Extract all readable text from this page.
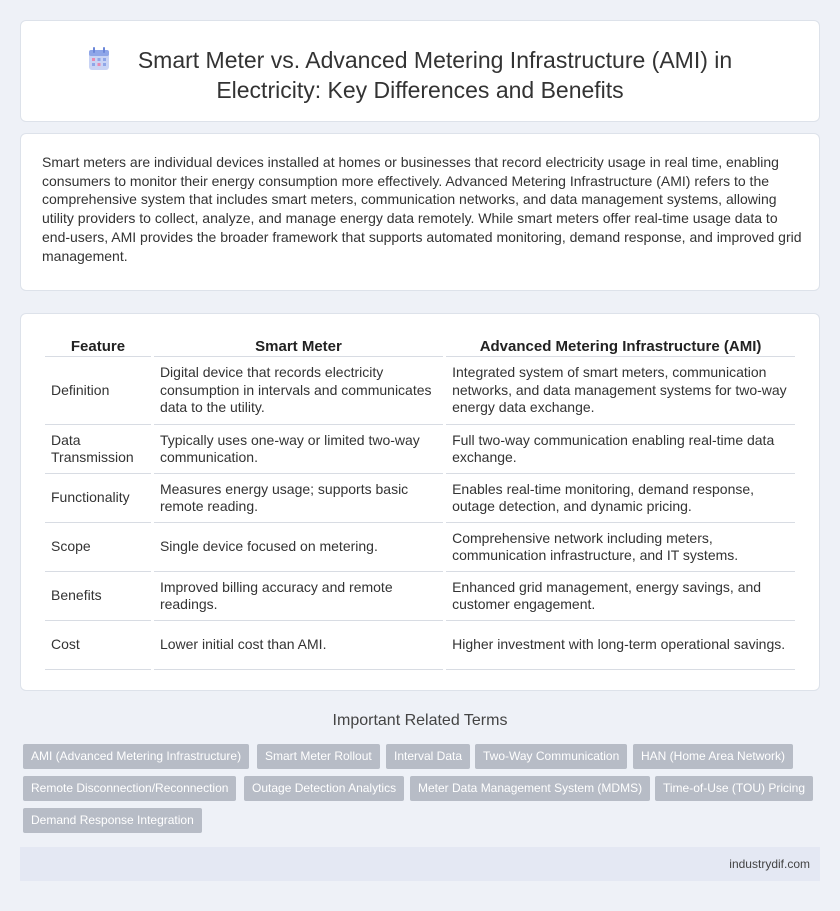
Smart Meter vs. Advanced Metering Infrastructure (AMI) in Electricity: Key Differences and Benefits

Smart meters are individual devices installed at homes or businesses that record electricity usage in real time, enabling consumers to monitor their energy consumption more effectively. Advanced Metering Infrastructure (AMI) refers to the comprehensive system that includes smart meters, communication networks, and data management systems, allowing utility providers to collect, analyze, and manage energy data remotely. While smart meters offer real-time usage data to end-users, AMI provides the broader framework that supports automated monitoring, demand response, and improved grid management.

Feature	Smart Meter	Advanced Metering Infrastructure (AMI)
Definition	Digital device that records electricity consumption in intervals and communicates data to the utility.	Integrated system of smart meters, communication networks, and data management systems for two-way energy data exchange.
Data Transmission	Typically uses one-way or limited two-way communication.	Full two-way communication enabling real-time data exchange.
Functionality	Measures energy usage; supports basic remote reading.	Enables real-time monitoring, demand response, outage detection, and dynamic pricing.
Scope	Single device focused on metering.	Comprehensive network including meters, communication infrastructure, and IT systems.
Benefits	Improved billing accuracy and remote readings.	Enhanced grid management, energy savings, and customer engagement.
Cost	Lower initial cost than AMI.	Higher investment with long-term operational savings.
Important Related Terms
AMI (Advanced Metering Infrastructure)	Smart Meter Rollout	Interval Data	Two-Way Communication	HAN (Home Area Network)
Remote Disconnection/Reconnection	Outage Detection Analytics	Meter Data Management System (MDMS)	Time-of-Use (TOU) Pricing
Demand Response Integration
industrydif.com
